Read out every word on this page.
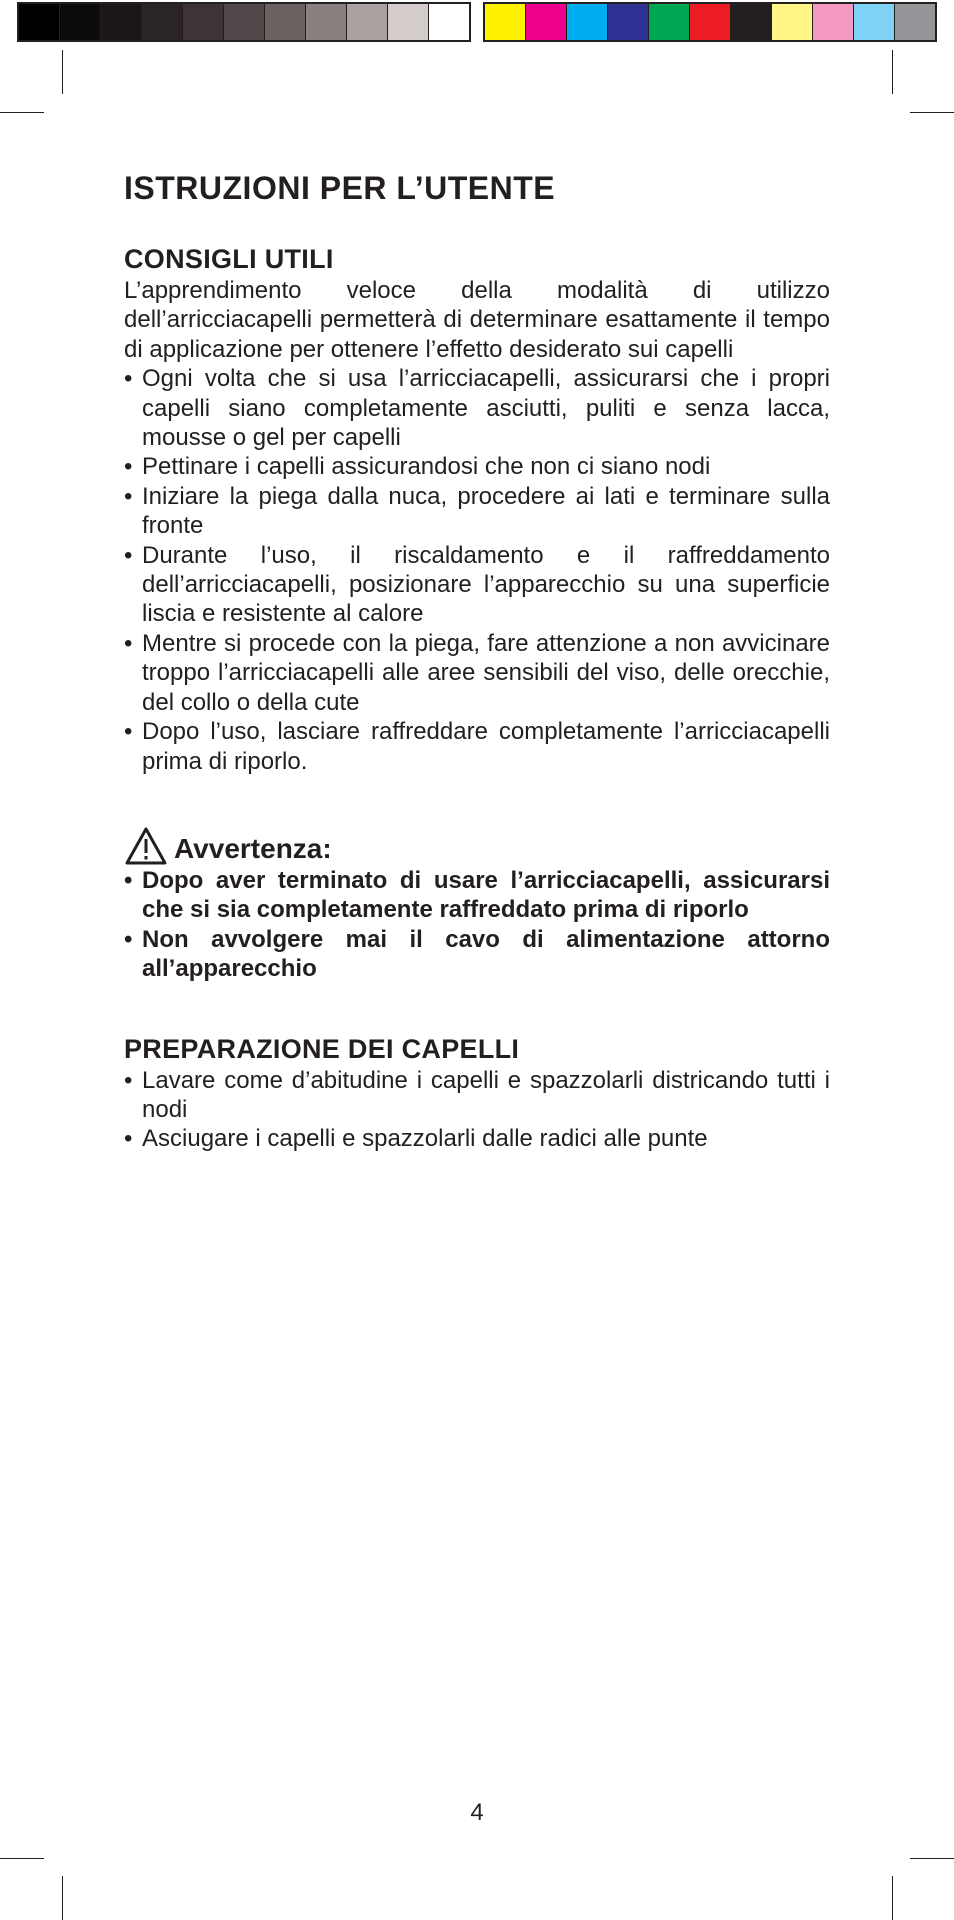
ISTRUZIONI PER L’UTENTE
CONSIGLI UTILI

L’apprendimento veloce della modalità di utilizzo dell’arricciacapelli permetterà di determinare esattamente il tempo di applicazione per ottenere l’effetto desiderato sui capelli

• Ogni volta che si usa l’arricciacapelli, assicurarsi che i propri capelli siano completamente asciutti, puliti e senza lacca, mousse o gel per capelli
• Pettinare i capelli assicurandosi che non ci siano nodi
• Iniziare la piega dalla nuca, procedere ai lati e terminare sulla fronte
• Durante l’uso, il riscaldamento e il raffreddamento dell’arricciacapelli, posizionare l’apparecchio su una superficie liscia e resistente al calore
• Mentre si procede con la piega, fare attenzione a non avvicinare troppo l’arricciacapelli alle aree sensibili del viso, delle orecchie, del collo o della cute
• Dopo l’uso, lasciare raffreddare completamente l’arricciacapelli prima di riporlo.
Avvertenza:
• Dopo aver terminato di usare l’arricciacapelli, assicurarsi che si sia completamente raffreddato prima di riporlo
• Non avvolgere mai il cavo di alimentazione attorno all’apparecchio
PREPARAZIONE DEI CAPELLI
• Lavare come d’abitudine i capelli e spazzolarli districando tutti i nodi
• Asciugare i capelli e spazzolarli dalle radici alle punte
4
